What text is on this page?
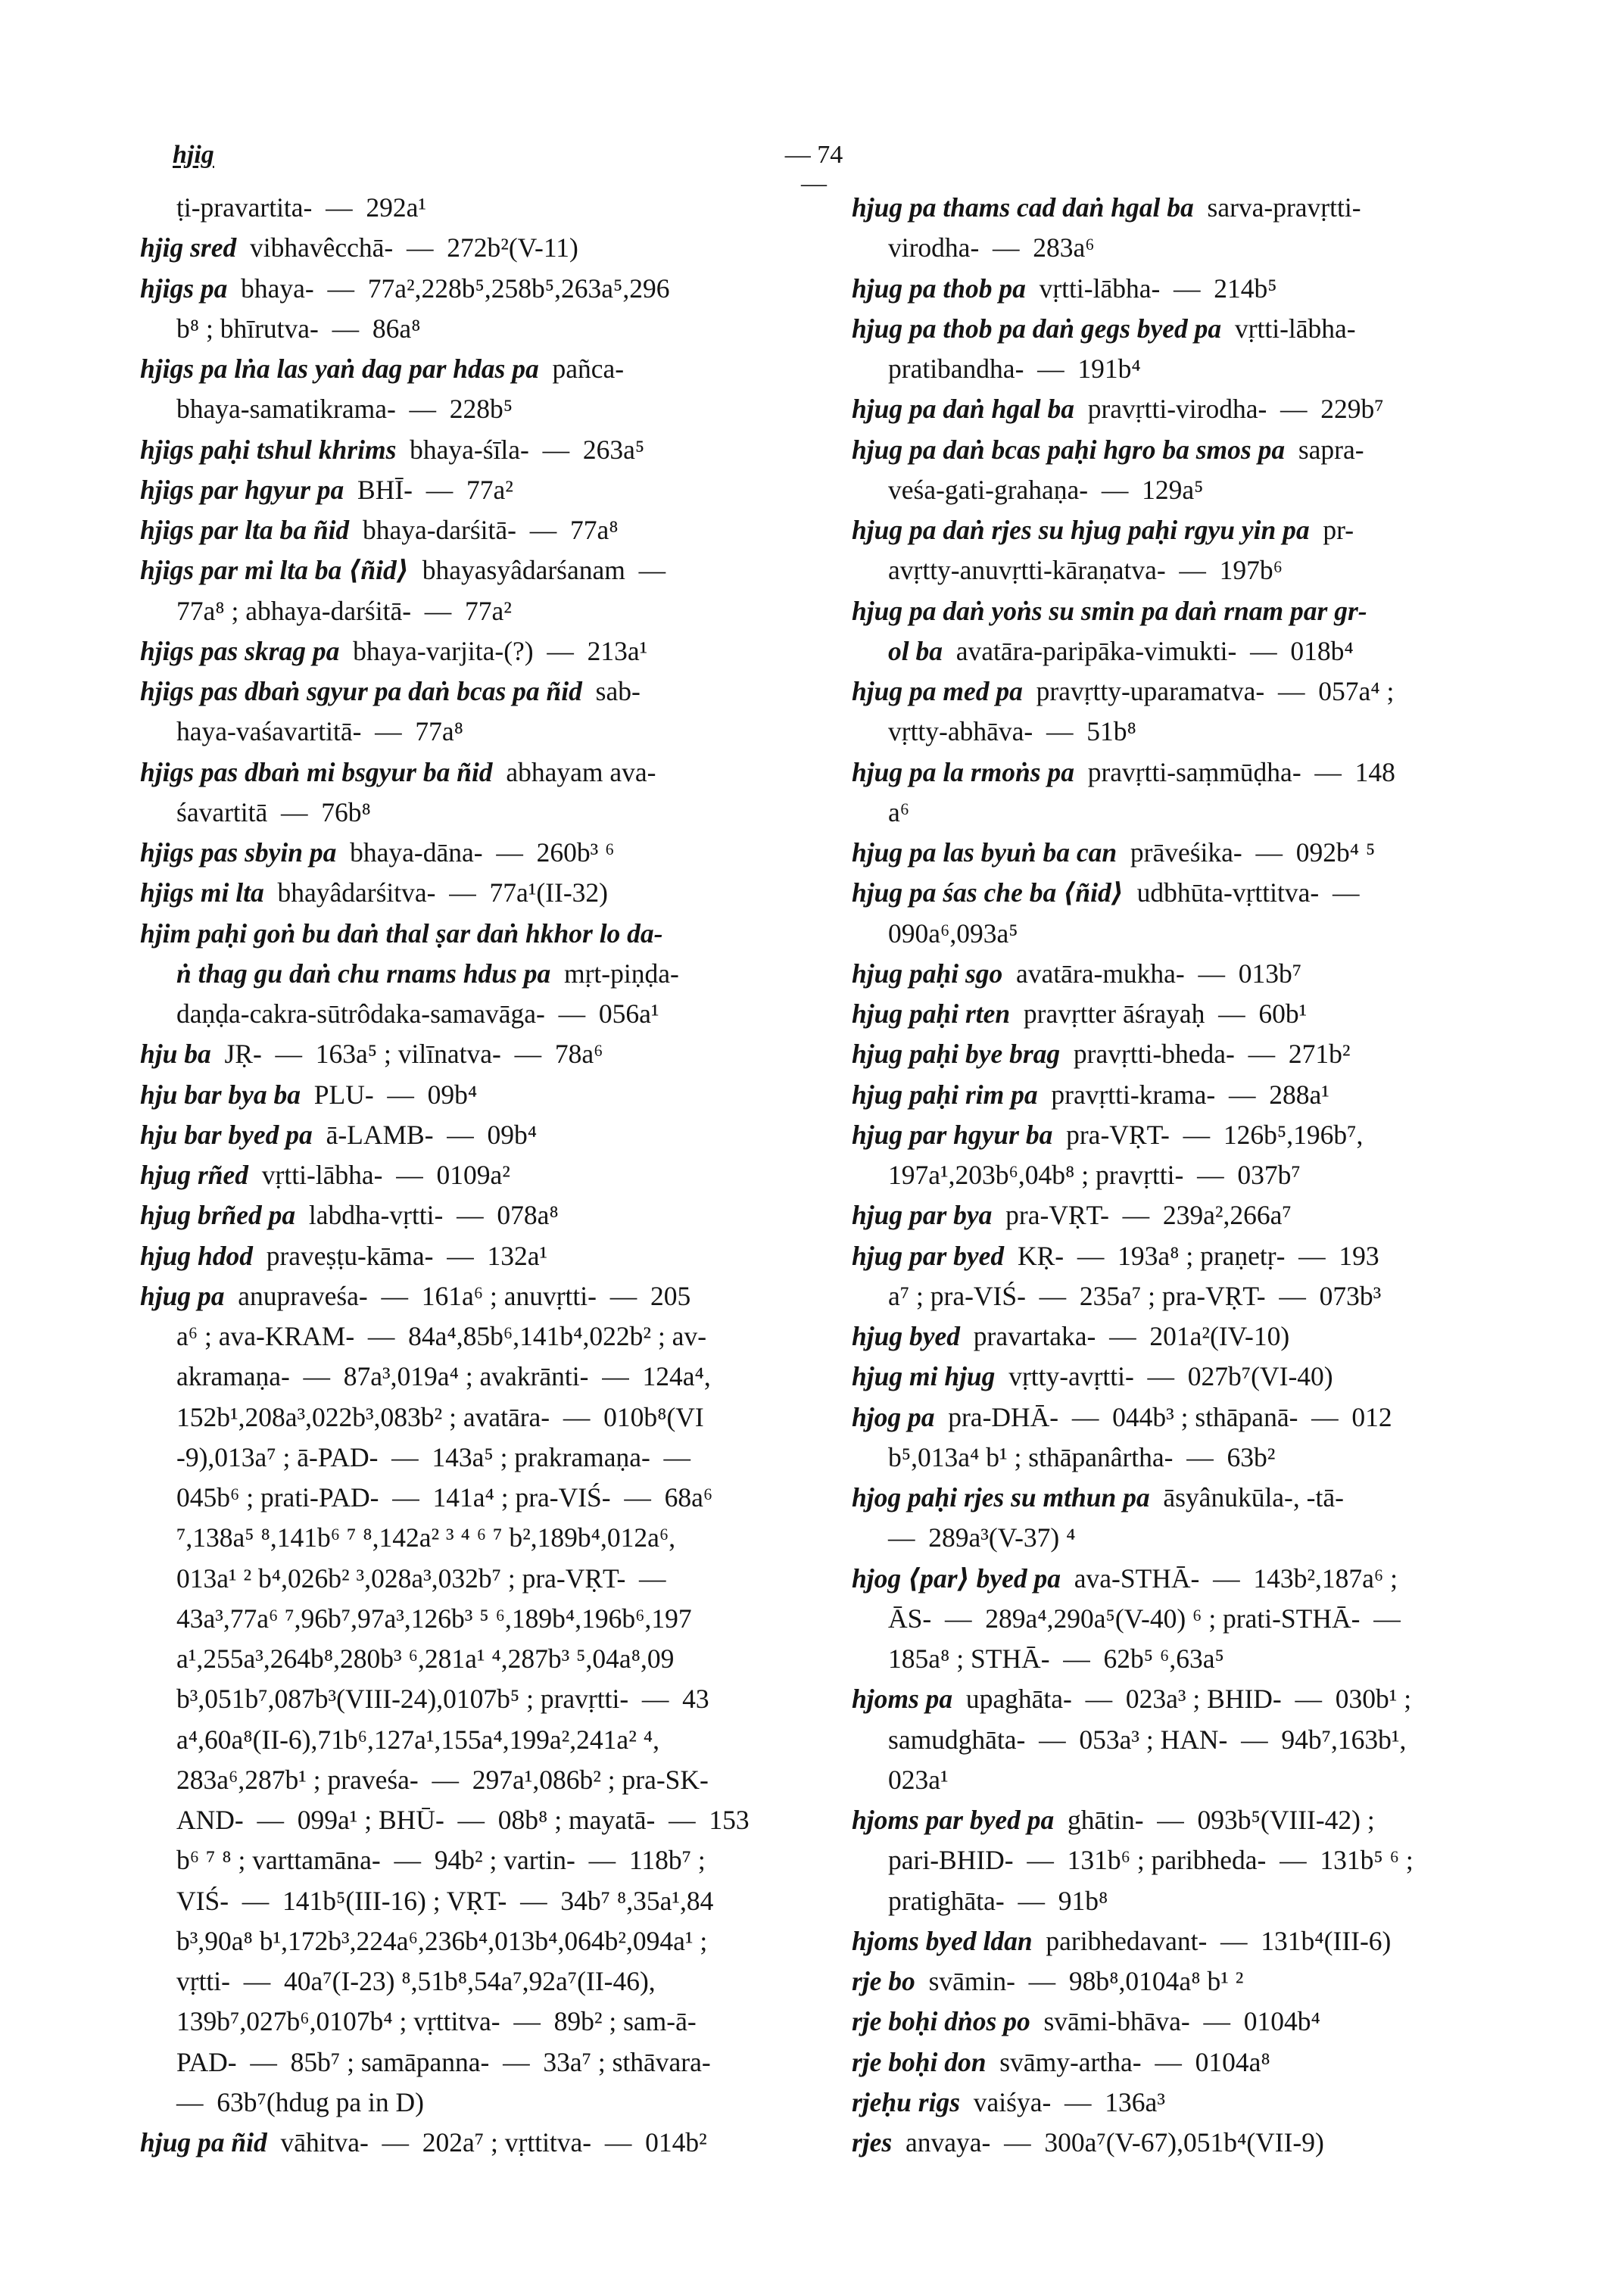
hjig	— 74 —
ṭi-pravartita-  —  292a¹
hjig sred  vibhavêcchā-  —  272b²(V-11)
hjigs pa  bhaya-  —  77a²,228b⁵,258b⁵,263a⁵,296
b⁸ ; bhīrutva-  —  86a⁸
hjigs pa lṅa las yaṅ dag par hdas pa  pañca-
bhaya-samatikrama-  —  228b⁵
hjigs paḥi tshul khrims  bhaya-śīla-  —  263a⁵
hjigs par hgyur pa  BHĪ-  —  77a²
hjigs par lta ba ñid  bhaya-darśitā-  —  77a⁸
hjigs par mi lta ba ⟨ñid⟩  bhayasyâdarśanam  —
77a⁸ ; abhaya-darśitā-  —  77a²
hjigs pas skrag pa  bhaya-varjita-(?)  —  213a¹
hjigs pas dbaṅ sgyur pa daṅ bcas pa ñid  sab-
haya-vaśavartitā-  —  77a⁸
hjigs pas dbaṅ mi bsgyur ba ñid  abhayam ava-
śavartitā  —  76b⁸
hjigs pas sbyin pa  bhaya-dāna-  —  260b³ ⁶
hjigs mi lta  bhayâdarśitva-  —  77a¹(II-32)
hjim paḥi goṅ bu daṅ thal ṣar daṅ hkhor lo da-
ṅ thag gu daṅ chu rnams hdus pa  mṛt-piṇḍa-
daṇḍa-cakra-sūtrôdaka-samavāga-  —  056a¹
hju ba  JṚ-  —  163a⁵ ; vilīnatva-  —  78a⁶
hju bar bya ba  PLU-  —  09b⁴
hju bar byed pa  ā-LAMB-  —  09b⁴
hjug rñed  vṛtti-lābha-  —  0109a²
hjug brñed pa  labdha-vṛtti-  —  078a⁸
hjug hdod  praveṣṭu-kāma-  —  132a¹
hjug pa  anupraveśa-  —  161a⁶ ; anuvṛtti-  —  205
a⁶ ; ava-KRAM-  —  84a⁴,85b⁶,141b⁴,022b² ; av-
akramaṇa-  —  87a³,019a⁴ ; avakrānti-  —  124a⁴,
152b¹,208a³,022b³,083b² ; avatāra-  —  010b⁸(VI
-9),013a⁷ ; ā-PAD-  —  143a⁵ ; prakramaṇa-  —
045b⁶ ; prati-PAD-  —  141a⁴ ; pra-VIŚ-  —  68a⁶
⁷,138a⁵ ⁸,141b⁶ ⁷ ⁸,142a² ³ ⁴ ⁶ ⁷ b²,189b⁴,012a⁶,
013a¹ ² b⁴,026b² ³,028a³,032b⁷ ; pra-VṚT-  —
43a³,77a⁶ ⁷,96b⁷,97a³,126b³ ⁵ ⁶,189b⁴,196b⁶,197
a¹,255a³,264b⁸,280b³ ⁶,281a¹ ⁴,287b³ ⁵,04a⁸,09
b³,051b⁷,087b³(VIII-24),0107b⁵ ; pravṛtti-  —  43
a⁴,60a⁸(II-6),71b⁶,127a¹,155a⁴,199a²,241a² ⁴,
283a⁶,287b¹ ; praveśa-  —  297a¹,086b² ; pra-SK-
AND-  —  099a¹ ; BHŪ-  —  08b⁸ ; mayatā-  —  153
b⁶ ⁷ ⁸ ; varttamāna-  —  94b² ; vartin-  —  118b⁷ ;
VIŚ-  —  141b⁵(III-16) ; VṚT-  —  34b⁷ ⁸,35a¹,84
b³,90a⁸ b¹,172b³,224a⁶,236b⁴,013b⁴,064b²,094a¹ ;
vṛtti-  —  40a⁷(I-23) ⁸,51b⁸,54a⁷,92a⁷(II-46),
139b⁷,027b⁶,0107b⁴ ; vṛttitva-  —  89b² ; sam-ā-
PAD-  —  85b⁷ ; samāpanna-  —  33a⁷ ; sthāvara-
—  63b⁷(hdug pa in D)
hjug pa ñid  vāhitva-  —  202a⁷ ; vṛttitva-  —  014b²
hjug pa thams cad daṅ hgal ba  sarva-pravṛtti-
virodha-  —  283a⁶
hjug pa thob pa  vṛtti-lābha-  —  214b⁵
hjug pa thob pa daṅ gegs byed pa  vṛtti-lābha-
pratibandha-  —  191b⁴
hjug pa daṅ hgal ba  pravṛtti-virodha-  —  229b⁷
hjug pa daṅ bcas paḥi hgro ba smos pa  sapra-
veśa-gati-grahaṇa-  —  129a⁵
hjug pa daṅ rjes su hjug paḥi rgyu yin pa  pr-
avṛtty-anuvṛtti-kāraṇatva-  —  197b⁶
hjug pa daṅ yoṅs su smin pa daṅ rnam par gr-
ol ba  avatāra-paripāka-vimukti-  —  018b⁴
hjug pa med pa  pravṛtty-uparamatva-  —  057a⁴ ;
vṛtty-abhāva-  —  51b⁸
hjug pa la rmoṅs pa  pravṛtti-saṃmūḍha-  —  148
a⁶
hjug pa las byuṅ ba can  prāveśika-  —  092b⁴ ⁵
hjug pa śas che ba ⟨ñid⟩  udbhūta-vṛttitva-  —
090a⁶,093a⁵
hjug paḥi sgo  avatāra-mukha-  —  013b⁷
hjug paḥi rten  pravṛtter āśrayaḥ  —  60b¹
hjug paḥi bye brag  pravṛtti-bheda-  —  271b²
hjug paḥi rim pa  pravṛtti-krama-  —  288a¹
hjug par hgyur ba  pra-VṚT-  —  126b⁵,196b⁷,
197a¹,203b⁶,04b⁸ ; pravṛtti-  —  037b⁷
hjug par bya  pra-VṚT-  —  239a²,266a⁷
hjug par byed  KṚ-  —  193a⁸ ; praṇetṛ-  —  193
a⁷ ; pra-VIŚ-  —  235a⁷ ; pra-VṚT-  —  073b³
hjug byed  pravartaka-  —  201a²(IV-10)
hjug mi hjug  vṛtty-avṛtti-  —  027b⁷(VI-40)
hjog pa  pra-DHĀ-  —  044b³ ; sthāpanā-  —  012
b⁵,013a⁴ b¹ ; sthāpanârtha-  —  63b²
hjog paḥi rjes su mthun pa  āsyânukūla-, -tā-
—  289a³(V-37) ⁴
hjog ⟨par⟩ byed pa  ava-STHĀ-  —  143b²,187a⁶ ;
ĀS-  —  289a⁴,290a⁵(V-40) ⁶ ; prati-STHĀ-  —
185a⁸ ; STHĀ-  —  62b⁵ ⁶,63a⁵
hjoms pa  upaghāta-  —  023a³ ; BHID-  —  030b¹ ;
samudghāta-  —  053a³ ; HAN-  —  94b⁷,163b¹,
023a¹
hjoms par byed pa  ghātin-  —  093b⁵(VIII-42) ;
pari-BHID-  —  131b⁶ ; paribheda-  —  131b⁵ ⁶ ;
pratighāta-  —  91b⁸
hjoms byed ldan  paribhedavant-  —  131b⁴(III-6)
rje bo  svāmin-  —  98b⁸,0104a⁸ b¹ ²
rje boḥi dṅos po  svāmi-bhāva-  —  0104b⁴
rje boḥi don  svāmy-artha-  —  0104a⁸
rjeḥu rigs  vaiśya-  —  136a³
rjes  anvaya-  —  300a⁷(V-67),051b⁴(VII-9)
